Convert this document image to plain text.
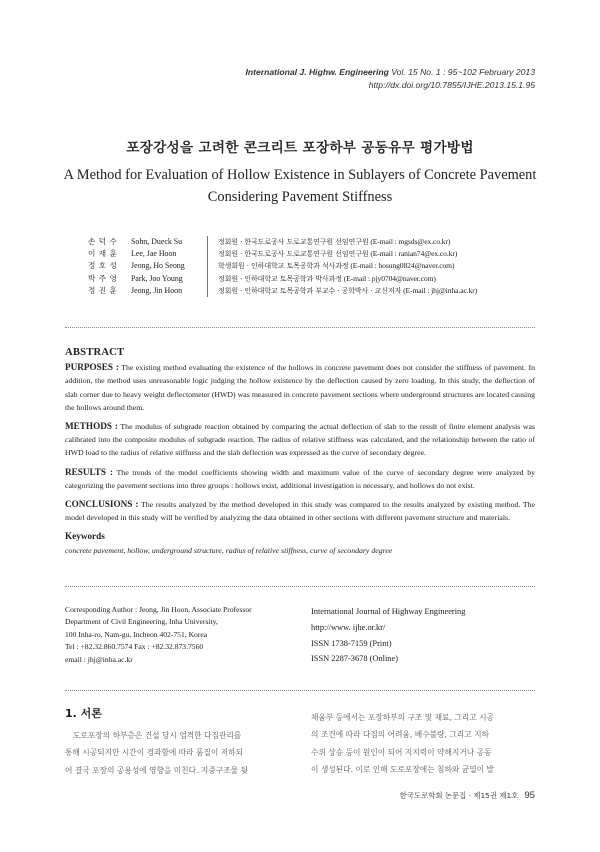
International J. Highw. Engineering Vol. 15 No. 1 : 95~102 February 2013
http://dx.doi.org/10.7855/IJHE.2013.15.1.95
포장강성을 고려한 콘크리트 포장하부 공동유무 평가방법
A Method for Evaluation of Hollow Existence in Sublayers of Concrete Pavement Considering Pavement Stiffness
손 덕 수	Sohn, Dueck Su	정회원 · 한국도로공사 도로교통연구원 선임연구원 (E-mail : mgsds@ex.co.kr)
이 재 훈	Lee, Jae Hoon	정회원 · 한국도로공사 도로교통연구원 선임연구원 (E-mail : ranian74@ex.co.kr)
정 호 성	Jeong, Ho Seong	학생회원 · 인하대학교 토목공학과 석사과정 (E-mail : hosung0824@naver.com)
박 주 영	Park, Joo Young	정회원 · 인하대학교 토목공학과 박사과정 (E-mail : pjy0704@naver.com)
정 진 훈	Jeong, Jin Hoon	정회원 · 인하대학교 토목공학과 부교수 · 공학박사 · 교신저자 (E-mail : jhj@inha.ac.kr)
ABSTRACT

PURPOSES : The existing method evaluating the existence of the hollows in concrete pavement does not consider the stiffness of pavement. In addition, the method uses unreasonable logic judging the hollow existence by the deflection caused by zero loading. In this study, the deflection of slab corner due to heavy weight deflectometer (HWD) was measured in concrete pavement sections where underground structures are located causing the hollows around them.

METHODS : The modulus of subgrade reaction obtained by comparing the actual deflection of slab to the result of finite element analysis was calibrated into the composite modulus of subgrade reaction. The radius of relative stiffness was calculated, and the relationship between the ratio of HWD load to the radius of relative stiffness and the slab deflection was expressed as the curve of secondary degree.

RESULTS : The trends of the model coefficients showing width and maximum value of the curve of secondary degree were analyzed by categorizing the pavement sections into three groups : hollows exist, additional investigation is necessary, and hollows do not exist.

CONCLUSIONS : The results analyzed by the method developed in this study was compared to the results analyzed by existing method. The model developed in this study will be verified by analyzing the data obtained in other sections with different pavement structure and materials.

Keywords
concrete pavement, hollow, underground structure, radius of relative stiffness, curve of secondary degree
Corresponding Author : Jeong, Jin Hoon, Associate Professor
Department of Civil Engineering, Inha University,
100 Inha-ro, Nam-gu, Incheon 402-751, Korea
Tel : +82.32.860.7574 Fax : +82.32.873.7560
email : jhj@inha.ac.kr
International Journal of Highway Engineering
http://www. ijhe.or.kr/
ISSN 1738-7159 (Print)
ISSN 2287-3678 (Online)
1. 서론
도로포장의 하부층은 건설 당시 엄격한 다짐관리를
통해 시공되지만 시간이 경과함에 따라 품질이 저하되
어 결국 포장의 공용성에 영향을 미친다. 지중구조물 뒷
채움부 등에서는 포장하부의 구조 및 재료, 그리고 시공
의 조건에 따라 다짐의 어려움, 배수불량, 그리고 지하
수위 상승 등이 원인이 되어 지지력이 약해지거나 공동
이 생성된다. 이로 인해 도로포장에는 침하와 균열이 발
한국도로학회 논문집 · 제15권 제1호 95
